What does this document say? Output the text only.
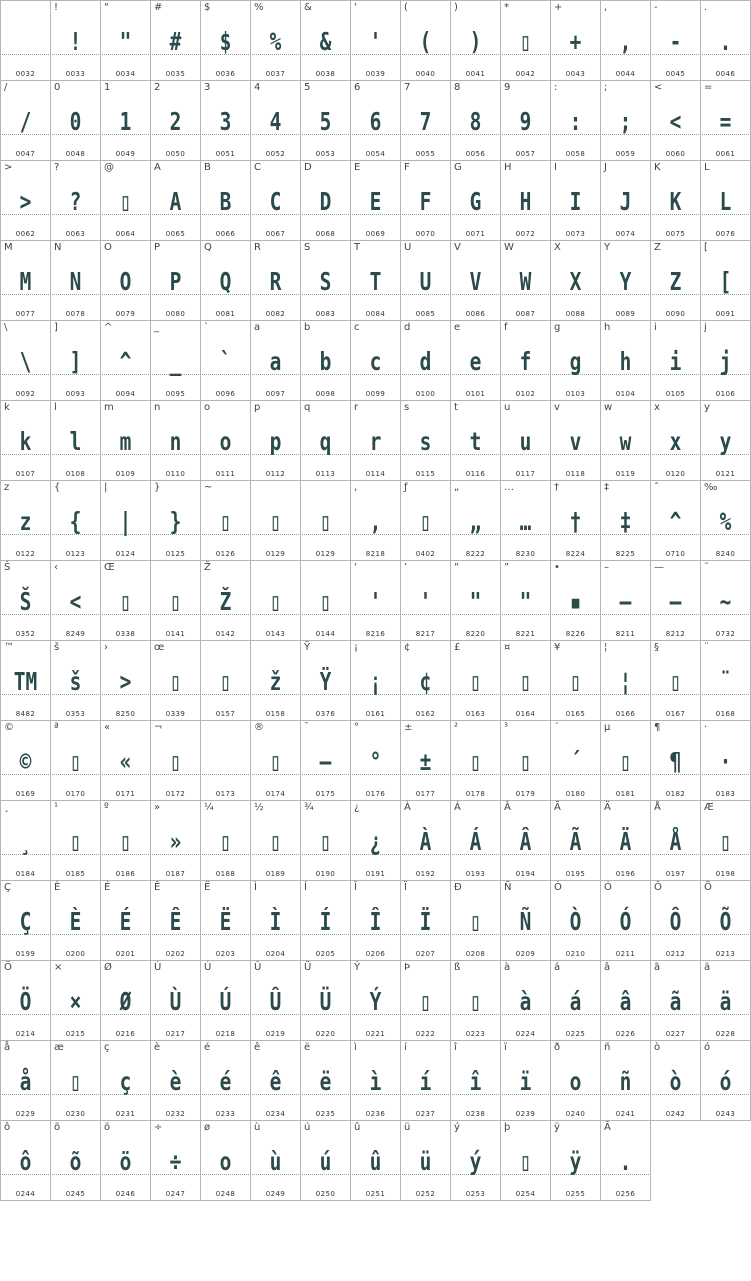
0032
!
!
0033
"
"
0034
#
#
0035
$
$
0036
%
%
0037
&
&
0038
'
'
0039
(
(
0040
)
)
0041
*
▯
0042
+
+
0043
,
,
0044
-
-
0045
.
.
0046
/
/
0047
0
0
0048
1
1
0049
2
2
0050
3
3
0051
4
4
0052
5
5
0053
6
6
0054
7
7
0055
8
8
0056
9
9
0057
:
:
0058
;
;
0059
<
<
0060
=
=
0061
>
>
0062
?
?
0063
@
▯
0064
A
A
0065
B
B
0066
C
C
0067
D
D
0068
E
E
0069
F
F
0070
G
G
0071
H
H
0072
I
I
0073
J
J
0074
K
K
0075
L
L
0076
M
M
0077
N
N
0078
O
O
0079
P
P
0080
Q
Q
0081
R
R
0082
S
S
0083
T
T
0084
U
U
0085
V
V
0086
W
W
0087
X
X
0088
Y
Y
0089
Z
Z
0090
[
[
0091
\
\
0092
]
]
0093
^
^
0094
_
_
0095
`
`
0096
a
a
0097
b
b
0098
c
c
0099
d
d
0100
e
e
0101
f
f
0102
g
g
0103
h
h
0104
i
i
0105
j
j
0106
k
k
0107
l
l
0108
m
m
0109
n
n
0110
o
o
0111
p
p
0112
q
q
0113
r
r
0114
s
s
0115
t
t
0116
u
u
0117
v
v
0118
w
w
0119
x
x
0120
y
y
0121
z
z
0122
{
{
0123
|
|
0124
}
}
0125
~
▯
0126
▯
0129
▯
0129
‚
,
8218
ƒ
▯
0402
„
„
8222
…
…
8230
†
†
8224
‡
‡
8225
ˆ
^
0710
‰
%
8240
Š
Š
0352
‹
<
8249
Œ
▯
0338
▯
0141
Ž
Ž
0142
▯
0143
▯
0144
‘
'
8216
’
'
8217
“
"
8220
”
"
8221
•
▪
8226
–
–
8211
—
—
8212
˜
~
0732
™
TM
8482
š
š
0353
›
>
8250
œ
▯
0339
▯
0157
ž
0158
Ÿ
Ÿ
0376
¡
¡
0161
¢
¢
0162
£
▯
0163
¤
▯
0164
¥
▯
0165
¦
¦
0166
§
▯
0167
¨
¨
0168
©
©
0169
ª
▯
0170
«
«
0171
¬
▯
0172	0173
®
▯
0174
¯
–
0175
°
°
0176
±
±
0177
²
▯
0178
³
▯
0179
´
´
0180
µ
▯
0181
¶
¶
0182
·
·
0183
¸
¸
0184
¹
▯
0185
º
▯
0186
»
»
0187
¼
▯
0188
½
▯
0189
¾
▯
0190
¿
¿
0191
À
À
0192
Á
Á
0193
Â
Â
0194
Ã
Ã
0195
Ä
Ä
0196
Å
Å
0197
Æ
▯
0198
Ç
Ç
0199
È
È
0200
É
É
0201
Ê
Ê
0202
Ë
Ë
0203
Ì
Ì
0204
Í
Í
0205
Î
Î
0206
Ï
Ï
0207
Ð
▯
0208
Ñ
Ñ
0209
Ò
Ò
0210
Ó
Ó
0211
Ô
Ô
0212
Õ
Õ
0213
Ö
Ö
0214
×
×
0215
Ø
Ø
0216
Ù
Ù
0217
Ú
Ú
0218
Û
Û
0219
Ü
Ü
0220
Ý
Ý
0221
Þ
▯
0222
ß
▯
0223
à
à
0224
á
á
0225
â
â
0226
ã
ã
0227
ä
ä
0228
å
å
0229
æ
▯
0230
ç
ç
0231
è
è
0232
é
é
0233
ê
ê
0234
ë
ë
0235
ì
ì
0236
í
í
0237
î
î
0238
ï
ï
0239
ð
o
0240
ñ
ñ
0241
ò
ò
0242
ó
ó
0243
ô
ô
0244
õ
õ
0245
ö
ö
0246
÷
÷
0247
ø
o
0248
ù
ù
0249
ú
ú
0250
û
û
0251
ü
ü
0252
ý
ý
0253
þ
▯
0254
ÿ
ÿ
0255
Ā
.
0256
